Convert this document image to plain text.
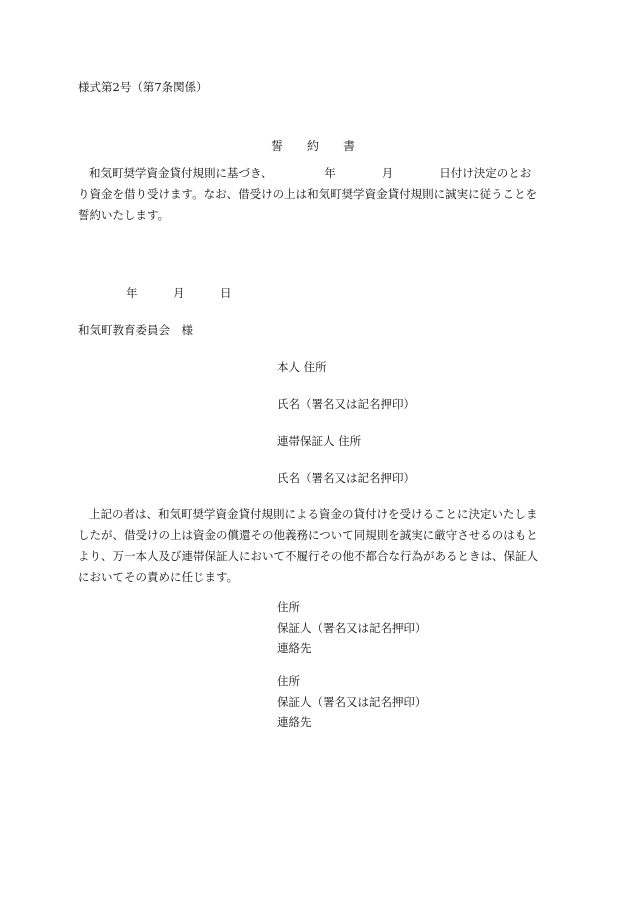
様式第2号（第7条関係）
誓　　約　　書
和気町奨学資金貸付規則に基づき、　　　　　年　　　　月　　　　日付け決定のとお
り資金を借り受けます。なお、借受けの上は和気町奨学資金貸付規則に誠実に従うことを
誓約いたします。
年	月	日
和気町教育委員会　様
本人 住所
氏名（署名又は記名押印）
連帯保証人 住所
氏名（署名又は記名押印）
上記の者は、和気町奨学資金貸付規則による資金の貸付けを受けることに決定いたしま
したが、借受けの上は資金の償還その他義務について同規則を誠実に厳守させるのはもと
より、万一本人及び連帯保証人において不履行その他不都合な行為があるときは、保証人
においてその責めに任じます。
住所
保証人（署名又は記名押印）
連絡先
住所
保証人（署名又は記名押印）
連絡先
